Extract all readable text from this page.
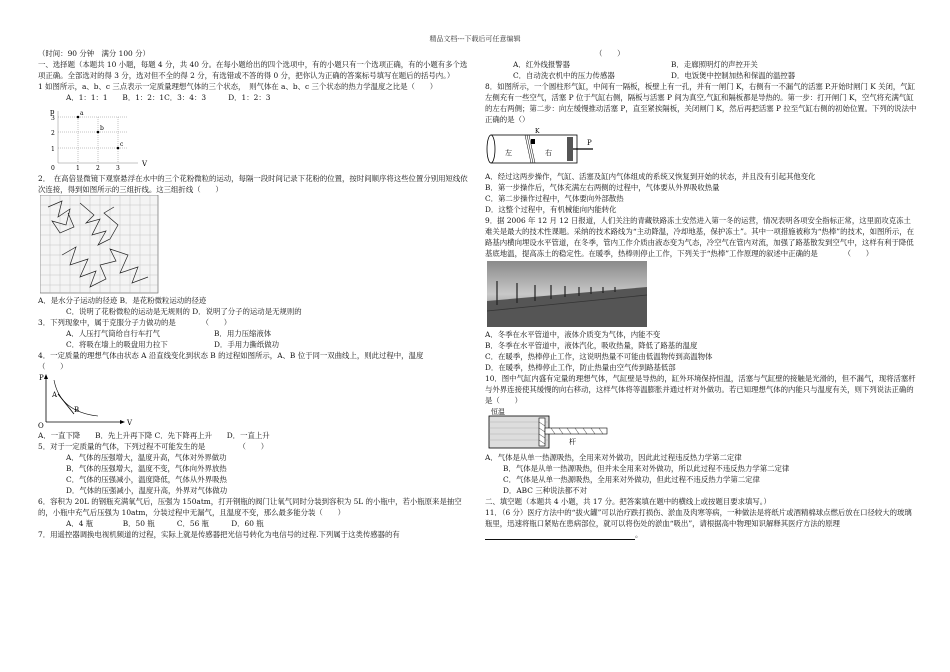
精品文档---下载后可任意编辑

（时间：90 分钟　满分 100 分）

一、选择题（本题共 10 小题，每题 4 分，共 40 分。在每小题给出的四个选项中，有的小题只有一个选项正确，有的小题有多个选项正确。全部选对的得 3 分，选对但不全的得 2 分，有选错或不答的得 0 分，把你认为正确的答案标号填写在题后的括号内。）

1 如图所示，a、b、c 三点表示一定质量理想气体的三个状态，　则气体在 a、b、c 三个状态的热力学温度之比是（　　）

A．1：1：1　　B．1：2：1C．3：4：3　　　D．1：2：3

p
V
3
2
1
0	1	2	3
a
b
c

2．　在高倍显微镜下观察悬浮在水中的三个花粉微粒的运动，每隔一段时间记录下花粉的位置，按时间顺序将这些位置分别用短线依次连接，得到如图所示的三组折线。这三组折线（　　）

A．是水分子运动的径迹 B．是花粉微粒运动的径迹

C．说明了花粉微粒的运动是无规则的 D．说明了分子的运动是无规则的

3．下列现象中，属于克服分子力做功的是　　　　（　　）

A．人压打气筒给自行车打气	B．用力压缩液体
C．将吸在墙上的吸盘用力拉下	D．手用力撕纸做功

4．一定质量的理想气体由状态 A 沿直线变化到状态 B 的过程如图所示，A、B 位于同一双曲线上，则此过程中，温度　　　　（　　）

P
V
O
A
B

A．一直下降　　B．先上升再下降 C．先下降再上升　　D．一直上升

5．对于一定质量的气体，下列过程不可能发生的是　　　　　（　　）

A．气体的压强增大，温度升高，气体对外界做功

B．气体的压强增大，温度不变，气体向外界放热

C．气体的压强减小，温度降低，气体从外界吸热

D．气体的压强减小，温度升高，外界对气体做功

6．容积为 20L 的钢瓶充满氧气后，压强为 150atm，打开钢瓶的阀门让氧气同时分装到容积为 5L 的小瓶中，若小瓶原来是抽空的，小瓶中充气后压强为 10atm，分装过程中无漏气，且温度不变，那么最多能分装（　　）

A．4 瓶　　　　B．50 瓶　　　C．56 瓶　　　D．60 瓶

7．用遥控器调换电视机频道的过程，实际上就是传感器把光信号转化为电信号的过程.下列属于这类传感器的有

（　　）

A．红外线报警器	B．走廊照明灯的声控开关
C．自动洗衣机中的压力传感器	D．电饭煲中控制加热和保温的温控器

8．如图所示，一个圆柱形气缸，中间有一隔板，板壁上有一孔，并有一闸门 K，右侧有一不漏气的活塞 P.开始时闸门 K 关闭，气缸左侧充有一些空气，活塞 P 位于气缸右侧，隔板与活塞 P 间为真空,气缸和隔板都是导热的。第一步：打开闸门 K，空气将充满气缸的左右两侧；第二步：向左缓慢推动活塞 P，直至紧挨隔板，关闭闸门 K，然后再把活塞 P 拉至气缸右侧的初始位置。下列的说法中正确的是（）

左	右
K
P

A．经过这两步操作，气缸、活塞及缸内气体组成的系统又恢复到开始的状态，并且没有引起其他变化

B．第一步操作后，气体充满左右两侧的过程中，气体要从外界吸收热量

C．第二步操作过程中，气体要向外部散热

D．这整个过程中，有机械能向内能转化

9．据 2006 年 12 月 12 日报道，人们关注的青藏铁路冻土安然进入第一冬的运营，情况表明各项安全指标正常，这里面攻克冻土难关是最大的技术性课题。采纳的技术路线为“主动降温，冷却地基，保护冻土”。其中一项措施被称为“热棒”的技术，如图所示，在路基内横向埋设水平管道，在冬季，管内工作介质由液态变为气态，冷空气在管内对流，加强了路基散发到空气中，这样有利于降低基底地温，提高冻土的稳定性。在暖季，热棒则停止工作，下列关于“热棒”工作原理的叙述中正确的是　　　　（　　）

A．冬季在水平管道中，液体介质变为气体，内能不变

B．冬季在水平管道中，液体汽化，吸收热量，降低了路基的温度

C．在暖季，热棒停止工作，这说明热量不可能由低温物传到高温物体

D．在暖季，热棒停止工作，防止热量由空气传到路基低部

10．图中气缸内盛有定量的理想气体，气缸壁是导热的，缸外环境保持恒温，活塞与气缸壁的接触是光滑的，但不漏气，现将活塞杆与外界连接使其缓慢的向右移动，这样气体将等温膨胀并通过杆对外做功。若已知理想气体的内能只与温度有关，则下列说法正确的是（　　）

恒温
杆

A．气体是从单一热源吸热，全用来对外做功，因此此过程违反热力学第二定律

B．气体是从单一热源吸热，但并未全用来对外做功，所以此过程不违反热力学第二定律

C．气体是从单一热源吸热，全用来对外做功，但此过程不违反热力学第二定律

D．ABC 三种说法都不对

二、填空题（本题共 4 小题，共 17 分。把答案填在题中的横线上或按题目要求填写。）

11．（6 分）医疗方法中的“拔火罐”可以治疗跌打损伤、淤血及肉寒等病，一种做法是将纸片或酒精棉球点燃后放在口径较大的玻璃瓶里，迅速将瓶口紧贴在患病部位，就可以将伤处的淤血“吸出”，请根据高中物理知识解释其医疗方法的原理。
